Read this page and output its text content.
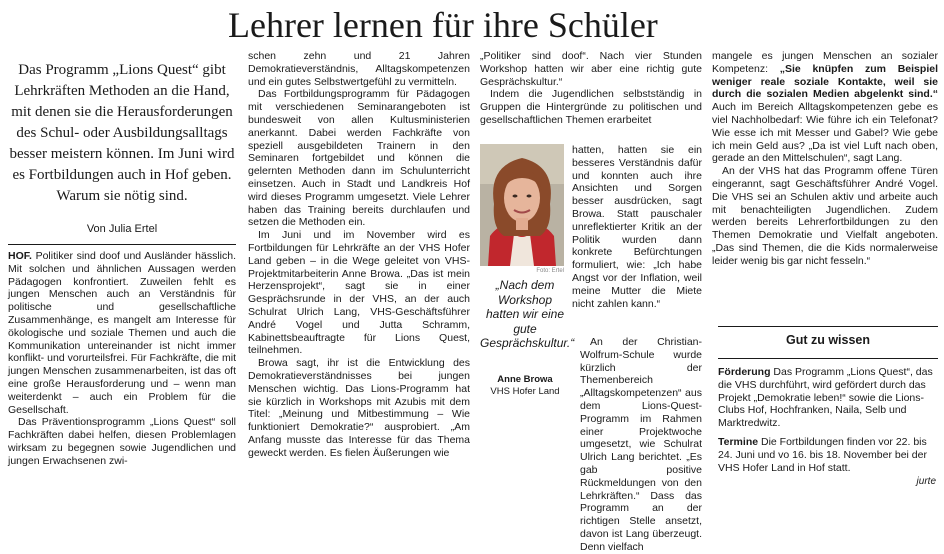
Lehrer lernen für ihre Schüler

Das Programm „Lions Quest“ gibt Lehrkräften Methoden an die Hand, mit denen sie die Herausforderungen des Schul- oder Ausbildungsalltags besser meistern können. Im Juni wird es Fortbildungen auch in Hof geben. Warum sie nötig sind.

Von Julia Ertel

HOF. Politiker sind doof und Ausländer hässlich. Mit solchen und ähnlichen Aussagen werden Pädagogen konfrontiert. Zuweilen fehlt es jungen Menschen auch an Verständnis für politische und gesellschaftliche Zusammenhänge, es mangelt am Interesse für ökologische und soziale Themen und auch die Kommunikation untereinander ist nicht immer konflikt- und vorurteilsfrei. Für Fachkräfte, die mit jungen Menschen zusammenarbeiten, ist das oft eine große Herausforderung und – wenn man weiterdenkt – auch ein Problem für die Gesellschaft.

Das Präventionsprogramm „Lions Quest“ soll Fachkräften dabei helfen, diesen Problemlagen wirksam zu begegnen sowie Jugendlichen und jungen Erwachsenen zwi-

schen zehn und 21 Jahren Demokratieverständnis, Alltagskompetenzen und ein gutes Selbstwertgefühl zu vermitteln.

Das Fortbildungsprogramm für Pädagogen mit verschiedenen Seminarangeboten ist bundesweit von allen Kultusministerien anerkannt. Dabei werden Fachkräfte von speziell ausgebildeten Trainern in den Seminaren fortgebildet und können die gelernten Methoden dann im Schulunterricht einsetzen. Auch in Stadt und Landkreis Hof wird dieses Programm umgesetzt. Viele Lehrer haben das Training bereits durchlaufen und setzen die Methoden ein.

Im Juni und im November wird es Fortbildungen für Lehrkräfte an der VHS Hofer Land geben – in die Wege geleitet von VHS-Projektmitarbeiterin Anne Browa. „Das ist mein Herzensprojekt“, sagt sie in einer Gesprächsrunde in der VHS, an der auch Schulrat Ulrich Lang, VHS-Geschäftsführer André Vogel und Jutta Schramm, Kabinettsbeauftragte für Lions Quest, teilnehmen.

Browa sagt, ihr ist die Entwicklung des Demokratieverständnisses bei jungen Menschen wichtig. Das Lions-Programm hat sie kürzlich in Workshops mit Azubis mit dem Titel: „Meinung und Mitbestimmung – Wie funktioniert Demokratie?“ ausprobiert. „Am Anfang musste das Interesse für das Thema geweckt werden. Es fielen Äußerungen wie

„Politiker sind doof“. Nach vier Stunden Workshop hatten wir aber eine richtig gute Gesprächskultur.“

Indem die Jugendlichen selbstständig in Gruppen die Hintergründe zu politischen und gesellschaftlichen Themen erarbeitet

Foto: Ertel
„Nach dem Workshop hatten wir eine gute Gesprächskultur.“
Anne Browa
VHS Hofer Land

hatten, hatten sie ein besseres Verständnis dafür und konnten auch ihre Ansichten und Sorgen besser ausdrücken, sagt Browa. Statt pauschaler unreflektierter Kritik an der Politik wurden dann konkrete Befürchtungen formuliert, wie: „Ich habe Angst vor der Inflation, weil meine Mutter die Miete nicht zahlen kann.“

An der Christian-Wolfrum-Schule wurde kürzlich der Themenbereich „Alltagskompetenzen“ aus dem Lions-Quest-Programm im Rahmen einer Projektwoche umgesetzt, wie Schulrat Ulrich Lang berichtet. „Es gab positive Rückmeldungen von den Lehrkräften.“ Dass das Programm an der richtigen Stelle ansetzt, davon ist Lang überzeugt. Denn vielfach

mangele es jungen Menschen an sozialer Kompetenz: „Sie knüpfen zum Beispiel weniger reale soziale Kontakte, weil sie durch die sozialen Medien abgelenkt sind.“ Auch im Bereich Alltagskompetenzen gebe es viel Nachholbedarf: Wie führe ich ein Telefonat? Wie esse ich mit Messer und Gabel? Wie gebe ich mein Geld aus? „Da ist viel Luft nach oben, gerade an den Mittelschulen“, sagt Lang.

An der VHS hat das Programm offene Türen eingerannt, sagt Geschäftsführer André Vogel. Die VHS sei an Schulen aktiv und arbeite auch mit benachteiligten Jugendlichen. Zudem werden bereits Lehrerfortbildungen zu den Themen Demokratie und Vielfalt angeboten. „Das sind Themen, die die Kids normalerweise leider wenig bis gar nicht fesseln.“

Gut zu wissen

Förderung Das Programm „Lions Quest“, das die VHS durchführt, wird gefördert durch das Projekt „Demokratie leben!“ sowie die Lions-Clubs Hof, Hochfranken, Naila, Selb und Marktredwitz.

Termine Die Fortbildungen finden vor 22. bis 24. Juni und vo 16. bis 18. November bei der VHS Hofer Land in Hof statt.

jurte
